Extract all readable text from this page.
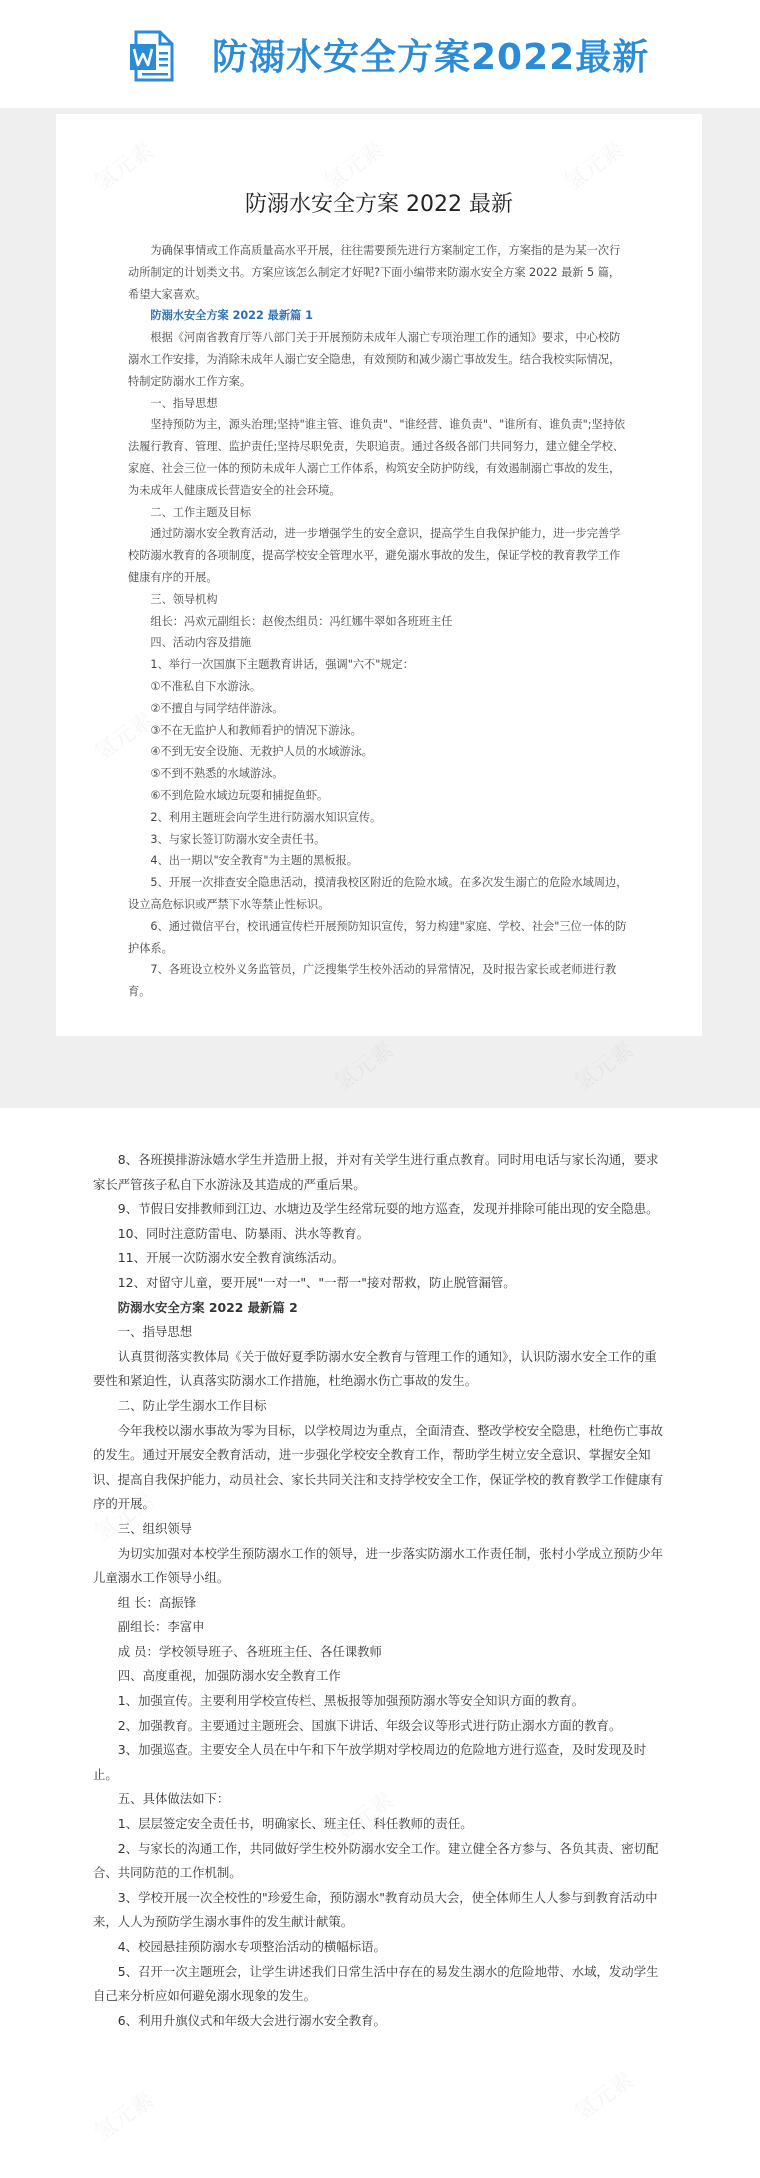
防溺水安全方案2022最新
防溺水安全方案 2022 最新

为确保事情或工作高质量高水平开展，往往需要预先进行方案制定工作，方案指的是为某一次行动所制定的计划类文书。方案应该怎么制定才好呢?下面小编带来防溺水安全方案 2022 最新 5 篇，希望大家喜欢。

防溺水安全方案 2022 最新篇 1

根据《河南省教育厅等八部门关于开展预防未成年人溺亡专项治理工作的通知》要求，中心校防溺水工作安排，为消除未成年人溺亡安全隐患，有效预防和减少溺亡事故发生。结合我校实际情况，特制定防溺水工作方案。

一、指导思想

坚持预防为主，源头治理;坚持"谁主管、谁负责"、"谁经营、谁负责"、"谁所有、谁负责";坚持依法履行教育、管理、监护责任;坚持尽职免责，失职追责。通过各级各部门共同努力，建立健全学校、家庭、社会三位一体的预防未成年人溺亡工作体系，构筑安全防护防线，有效遏制溺亡事故的发生，为未成年人健康成长营造安全的社会环境。

二、工作主题及目标

通过防溺水安全教育活动，进一步增强学生的安全意识，提高学生自我保护能力，进一步完善学校防溺水教育的各项制度，提高学校安全管理水平，避免溺水事故的发生，保证学校的教育教学工作健康有序的开展。

三、领导机构

组长：冯欢元副组长：赵俊杰组员：冯红娜牛翠如各班班主任

四、活动内容及措施

1、举行一次国旗下主题教育讲话，强调"六不"规定：

①不准私自下水游泳。

②不擅自与同学结伴游泳。

③不在无监护人和教师看护的情况下游泳。

④不到无安全设施、无救护人员的水域游泳。

⑤不到不熟悉的水域游泳。

⑥不到危险水域边玩耍和捕捉鱼虾。

2、利用主题班会向学生进行防溺水知识宣传。

3、与家长签订防溺水安全责任书。

4、出一期以"安全教育"为主题的黑板报。

5、开展一次排查安全隐患活动，摸清我校区附近的危险水域。在多次发生溺亡的危险水域周边，设立高危标识或严禁下水等禁止性标识。

6、通过微信平台，校讯通宣传栏开展预防知识宣传，努力构建"家庭、学校、社会"三位一体的防护体系。

7、各班设立校外义务监管员，广泛搜集学生校外活动的异常情况，及时报告家长或老师进行教育。

8、各班摸排游泳嬉水学生并造册上报，并对有关学生进行重点教育。同时用电话与家长沟通，要求家长严管孩子私自下水游泳及其造成的严重后果。

9、节假日安排教师到江边、水塘边及学生经常玩耍的地方巡查，发现并排除可能出现的安全隐患。

10、同时注意防雷电、防暴雨、洪水等教育。

11、开展一次防溺水安全教育演练活动。

12、对留守儿童，要开展"一对一"、"一帮一"接对帮救，防止脱管漏管。

防溺水安全方案 2022 最新篇 2

一、指导思想

认真贯彻落实教体局《关于做好夏季防溺水安全教育与管理工作的通知》，认识防溺水安全工作的重要性和紧迫性，认真落实防溺水工作措施，杜绝溺水伤亡事故的发生。

二、防止学生溺水工作目标

今年我校以溺水事故为零为目标，以学校周边为重点，全面清查、整改学校安全隐患，杜绝伤亡事故的发生。通过开展安全教育活动，进一步强化学校安全教育工作，帮助学生树立安全意识、掌握安全知识、提高自我保护能力，动员社会、家长共同关注和支持学校安全工作，保证学校的教育教学工作健康有序的开展。

三、组织领导

为切实加强对本校学生预防溺水工作的领导，进一步落实防溺水工作责任制，张村小学成立预防少年儿童溺水工作领导小组。

组 长：高振锋

副组长：李富申

成 员：学校领导班子、各班班主任、各任课教师

四、高度重视，加强防溺水安全教育工作

1、加强宣传。主要利用学校宣传栏、黑板报等加强预防溺水等安全知识方面的教育。

2、加强教育。主要通过主题班会、国旗下讲话、年级会议等形式进行防止溺水方面的教育。

3、加强巡查。主要安全人员在中午和下午放学期对学校周边的危险地方进行巡查，及时发现及时止。

五、具体做法如下：

1、层层签定安全责任书，明确家长、班主任、科任教师的责任。

2、与家长的沟通工作，共同做好学生校外防溺水安全工作。建立健全各方参与、各负其责、密切配合、共同防范的工作机制。

3、学校开展一次全校性的"珍爱生命，预防溺水"教育动员大会，使全体师生人人参与到教育活动中来，人人为预防学生溺水事件的发生献计献策。

4、校园悬挂预防溺水专项整治活动的横幅标语。

5、召开一次主题班会，让学生讲述我们日常生活中存在的易发生溺水的危险地带、水域，发动学生自己来分析应如何避免溺水现象的发生。

6、利用升旗仪式和年级大会进行溺水安全教育。
